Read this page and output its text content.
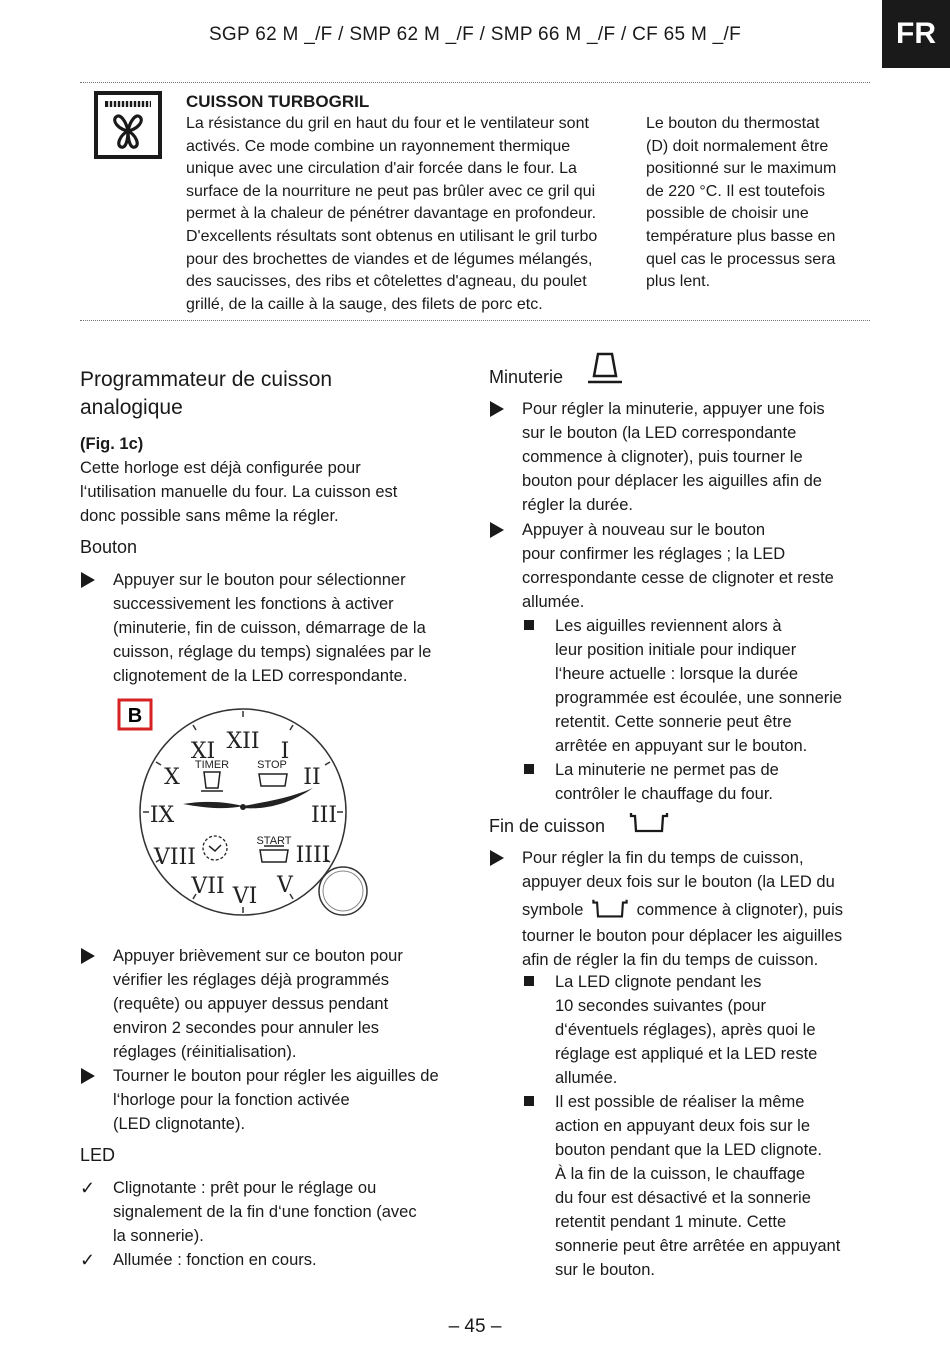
SGP 62 M _/F / SMP 62 M _/F / SMP 66 M _/F / CF 65 M _/F	FR
CUISSON TURBOGRIL
La résistance du gril en haut du four et le ventilateur sont
activés. Ce mode combine un rayonnement thermique
unique avec une circulation d'air forcée dans le four. La
surface de la nourriture ne peut pas brûler avec ce gril qui
permet à la chaleur de pénétrer davantage en profondeur.
D'excellents résultats sont obtenus en utilisant le gril turbo
pour des brochettes de viandes et de légumes mélangés,
des saucisses, des ribs et côtelettes d'agneau, du poulet
grillé, de la caille à la sauge, des filets de porc etc.
Le bouton du thermostat
(D) doit normalement être
positionné sur le maximum
de 220 °C. Il est toutefois
possible de choisir une
température plus basse en
quel cas le processus sera
plus lent.
Programmateur de cuisson
analogique
(Fig. 1c)
Cette horloge est déjà configurée pour
l‘utilisation manuelle du four. La cuisson est
donc possible sans même la régler.
Bouton
Appuyer sur le bouton pour sélectionner
successivement les fonctions à activer
(minuterie, fin de cuisson, démarrage de la
cuisson, réglage du temps) signalées par le
clignotement de la LED correspondante.
B
XII I
II
III
IIII
V
VI
VII
VIII
IX
X
XI
TIMER	STOP
START
Appuyer brièvement sur ce bouton pour
vérifier les réglages déjà programmés
(requête) ou appuyer dessus pendant
environ 2 secondes pour annuler les
réglages (réinitialisation).
Tourner le bouton pour régler les aiguilles de
l‘horloge pour la fonction activée
(LED clignotante).
LED
✓ Clignotante : prêt pour le réglage ou
signalement de la fin d‘une fonction (avec
la sonnerie).
✓ Allumée : fonction en cours.
Minuterie
Pour régler la minuterie, appuyer une fois
sur le bouton (la LED correspondante
commence à clignoter), puis tourner le
bouton pour déplacer les aiguilles afin de
régler la durée.
Appuyer à nouveau sur le bouton
pour confirmer les réglages ; la LED
correspondante cesse de clignoter et reste
allumée.
Les aiguilles reviennent alors à
leur position initiale pour indiquer
l‘heure actuelle : lorsque la durée
programmée est écoulée, une sonnerie
retentit. Cette sonnerie peut être
arrêtée en appuyant sur le bouton.
La minuterie ne permet pas de
contrôler le chauffage du four.
Fin de cuisson
Pour régler la fin du temps de cuisson,
appuyer deux fois sur le bouton (la LED du
symbole	commence à clignoter), puis
tourner le bouton pour déplacer les aiguilles
afin de régler la fin du temps de cuisson.
La LED clignote pendant les
10 secondes suivantes (pour
d‘éventuels réglages), après quoi le
réglage est appliqué et la LED reste
allumée.
Il est possible de réaliser la même
action en appuyant deux fois sur le
bouton pendant que la LED clignote.
À la fin de la cuisson, le chauffage
du four est désactivé et la sonnerie
retentit pendant 1 minute. Cette
sonnerie peut être arrêtée en appuyant
sur le bouton.
– 45 –
